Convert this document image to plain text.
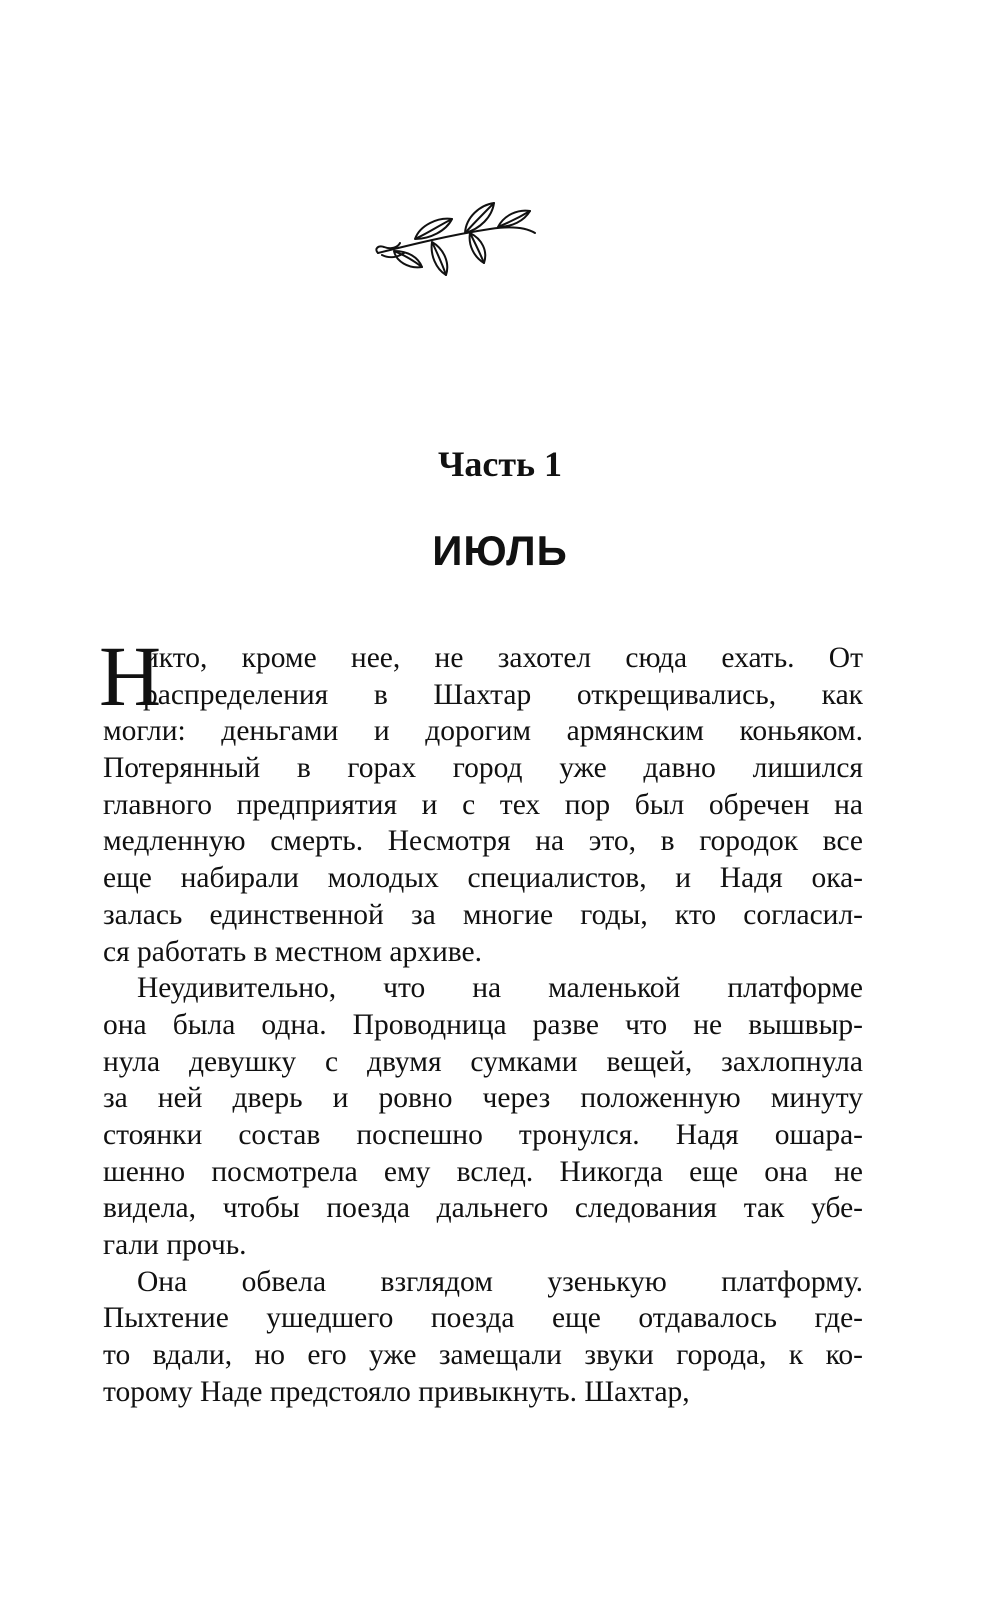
Часть 1
ИЮЛЬ
Н
икто, кроме нее, не захотел сюда ехать. От
распределения в Шахтар открещивались, как
могли: деньгами и дорогим армянским коньяком.
Потерянный в горах город уже давно лишился
главного предприятия и с тех пор был обречен на
медленную смерть. Несмотря на это, в городок все
еще набирали молодых специалистов, и Надя ока-
залась единственной за многие годы, кто согласил-
ся работать в местном архиве.
Неудивительно, что на маленькой платформе
она была одна. Проводница разве что не вышвыр-
нула девушку с двумя сумками вещей, захлопнула
за ней дверь и ровно через положенную минуту
стоянки состав поспешно тронулся. Надя ошара-
шенно посмотрела ему вслед. Никогда еще она не
видела, чтобы поезда дальнего следования так убе-
гали прочь.
Она обвела взглядом узенькую платформу.
Пыхтение ушедшего поезда еще отдавалось где-
то вдали, но его уже замещали звуки города, к ко-
торому Наде предстояло привыкнуть. Шахтар,
